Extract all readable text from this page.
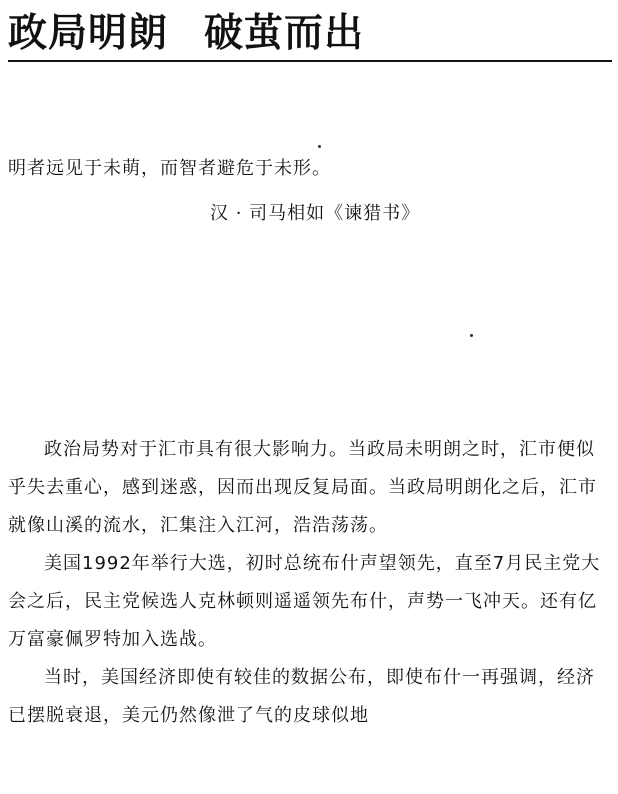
政局明朗 破茧而出
明者远见于未萌，而智者避危于未形。
汉 · 司马相如《谏猎书》

政治局势对于汇市具有很大影响力。当政局未明朗之时，汇市便似乎失去重心，感到迷惑，因而出现反复局面。当政局明朗化之后，汇市就像山溪的流水，汇集注入江河，浩浩荡荡。

美国1992年举行大选，初时总统布什声望领先，直至7月民主党大会之后，民主党候选人克林顿则遥遥领先布什，声势一飞冲天。还有亿万富豪佩罗特加入选战。

当时，美国经济即使有较佳的数据公布，即使布什一再强调，经济已摆脱衰退，美元仍然像泄了气的皮球似地
